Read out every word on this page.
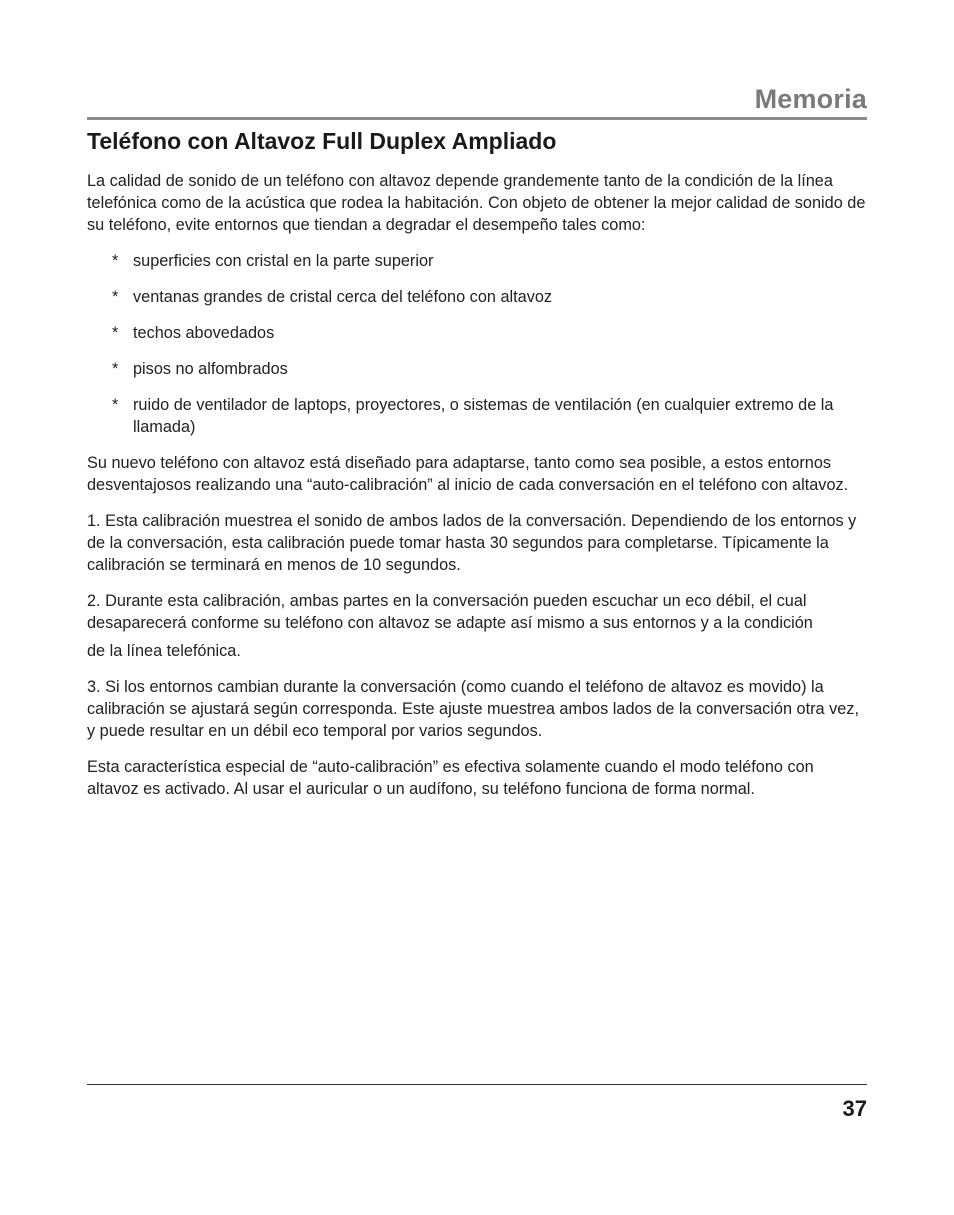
Memoria
Teléfono con Altavoz Full Duplex Ampliado

La calidad de sonido de un teléfono con altavoz depende grandemente tanto de la condición de la línea telefónica como de la acústica que rodea la habitación. Con objeto de obtener la mejor calidad de sonido de su teléfono, evite entornos que tiendan a degradar el desempeño tales como:

* superficies con cristal en la parte superior
* ventanas grandes de cristal cerca del teléfono con altavoz
* techos abovedados
* pisos no alfombrados
* ruido de ventilador de laptops, proyectores, o sistemas de ventilación (en cualquier extremo de la llamada)

Su nuevo teléfono con altavoz está diseñado para adaptarse, tanto como sea posible, a estos entornos desventajosos realizando una “auto-calibración” al inicio de cada conversación en el teléfono con altavoz.

1. Esta calibración muestrea el sonido de ambos lados de la conversación. Dependiendo de los entornos y de la conversación, esta calibración puede tomar hasta 30 segundos para completarse. Típicamente la calibración se terminará en menos de 10 segundos.

2. Durante esta calibración, ambas partes en la conversación pueden escuchar un eco débil, el cual desaparecerá conforme su teléfono con altavoz se adapte así mismo a sus entornos y a la condición
de la línea telefónica.

3. Si los entornos cambian durante la conversación (como cuando el teléfono de altavoz es movido) la calibración se ajustará según corresponda. Este ajuste muestrea ambos lados de la conversación otra vez, y puede resultar en un débil eco temporal por varios segundos.

Esta característica especial de “auto-calibración” es efectiva solamente cuando el modo teléfono con altavoz es activado. Al usar el auricular o un audífono, su teléfono funciona de forma normal.

37
